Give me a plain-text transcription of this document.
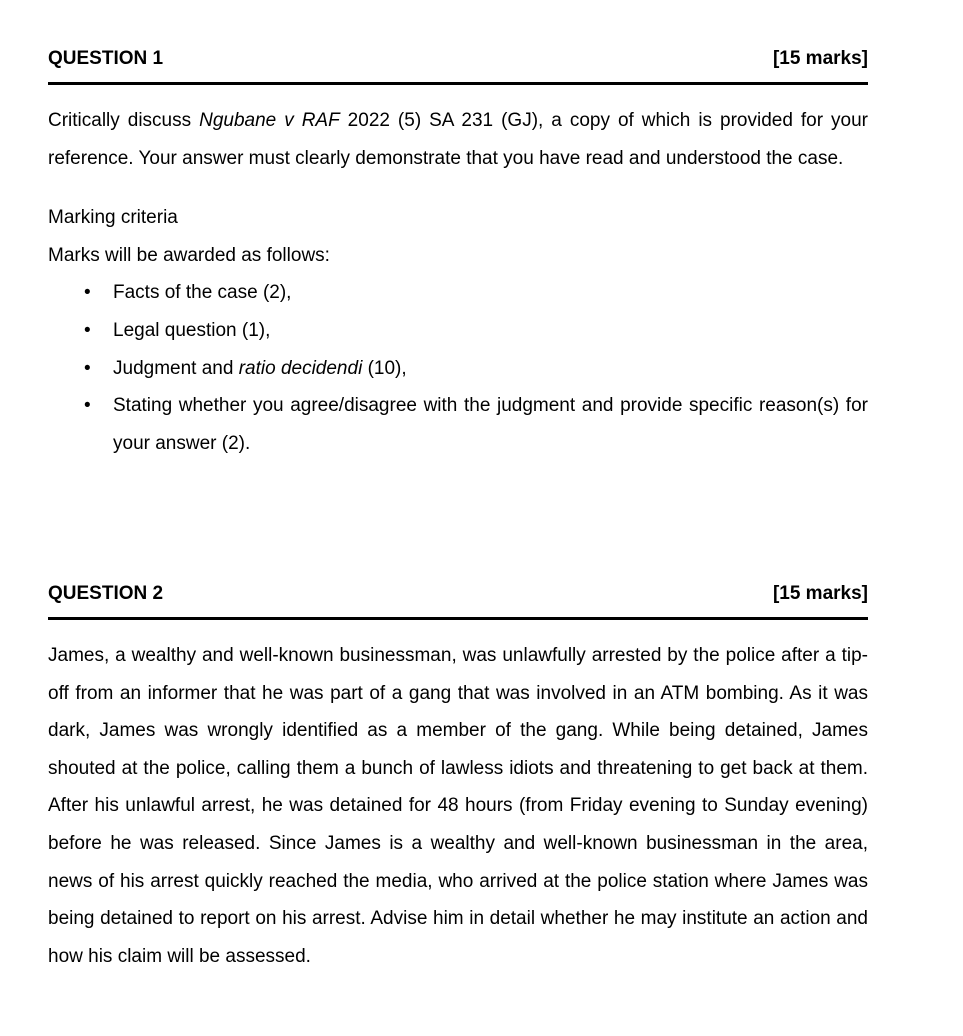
QUESTION 1	[15 marks]

Critically discuss Ngubane v RAF 2022 (5) SA 231 (GJ), a copy of which is provided for your reference. Your answer must clearly demonstrate that you have read and understood the case.

Marking criteria

Marks will be awarded as follows:

• Facts of the case (2),
• Legal question (1),
• Judgment and ratio decidendi (10),
• Stating whether you agree/disagree with the judgment and provide specific reason(s) for your answer (2).
QUESTION 2	[15 marks]

James, a wealthy and well-known businessman, was unlawfully arrested by the police after a tip-off from an informer that he was part of a gang that was involved in an ATM bombing. As it was dark, James was wrongly identified as a member of the gang. While being detained, James shouted at the police, calling them a bunch of lawless idiots and threatening to get back at them. After his unlawful arrest, he was detained for 48 hours (from Friday evening to Sunday evening) before he was released. Since James is a wealthy and well-known businessman in the area, news of his arrest quickly reached the media, who arrived at the police station where James was being detained to report on his arrest. Advise him in detail whether he may institute an action and how his claim will be assessed.
